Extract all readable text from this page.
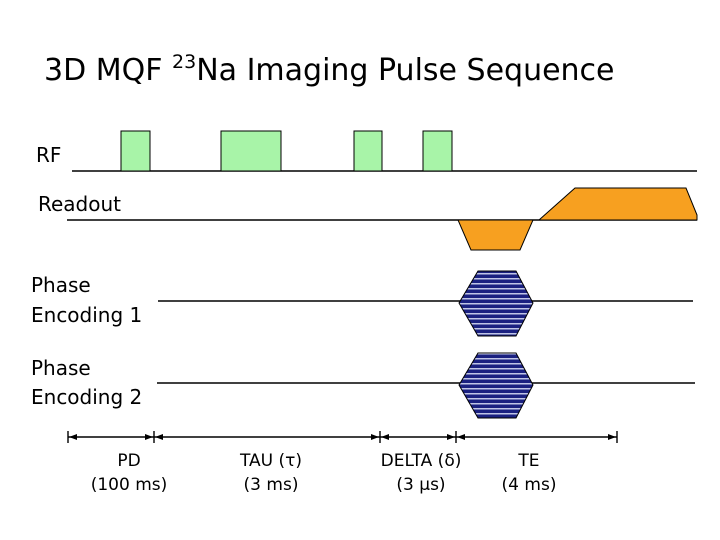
3D MQF $^{23}$Na Imaging Pulse Sequence
RF
Readout
Phase
Encoding 1
Phase
Encoding 2
PD
(100 ms)
TAU (τ)
(3 ms)
DELTA (δ)
(3 µs)
TE
(4 ms)
